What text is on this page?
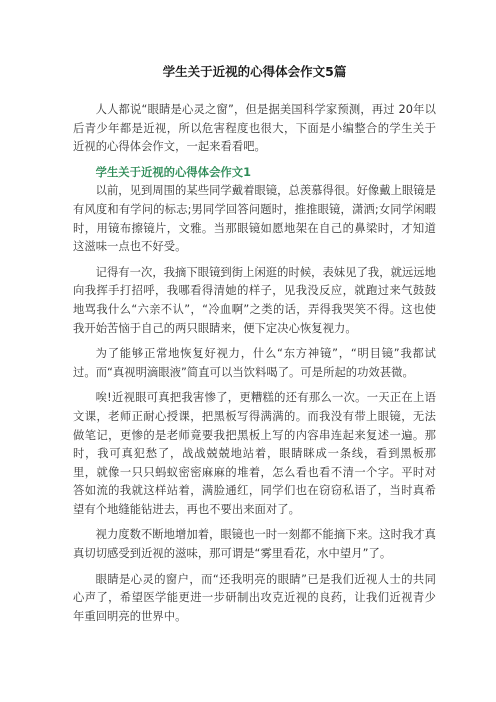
学生关于近视的心得体会作文5篇

人人都说“眼睛是心灵之窗”，但是据美国科学家预测，再过 20年以后青少年都是近视，所以危害程度也很大，下面是小编整合的学生关于近视的心得体会作文，一起来看看吧。

学生关于近视的心得体会作文1

以前，见到周围的某些同学戴着眼镜，总羡慕得很。好像戴上眼镜是有风度和有学问的标志;男同学回答问题时，推推眼镜，潇洒;女同学闲暇时，用镜布擦镜片，文雅。当那眼镜如愿地架在自己的鼻梁时，才知道这滋味一点也不好受。

记得有一次，我摘下眼镜到街上闲逛的时候，表妹见了我，就远远地向我挥手打招呼，我哪看得清她的样子，见我没反应，就跑过来气鼓鼓地骂我什么“六亲不认”，“冷血啊”之类的话，弄得我哭笑不得。这也使我开始苦恼于自己的两只眼睛来，便下定决心恢复视力。

为了能够正常地恢复好视力，什么“东方神镜”，“明目镜”我都试过。而“真视明滴眼液”简直可以当饮料喝了。可是所起的功效甚微。

唉!近视眼可真把我害惨了，更糟糕的还有那么一次。一天正在上语文课，老师正耐心授课，把黑板写得满满的。而我没有带上眼镜，无法做笔记，更惨的是老师竟要我把黑板上写的内容串连起来复述一遍。那时，我可真犯愁了，战战兢兢地站着，眼睛眯成一条线，看到黑板那里，就像一只只蚂蚁密密麻麻的堆着，怎么看也看不清一个字。平时对答如流的我就这样站着，满脸通红，同学们也在窃窃私语了，当时真希望有个地缝能钻进去，再也不要出来面对了。

视力度数不断地增加着，眼镜也一时一刻都不能摘下来。这时我才真真切切感受到近视的滋味，那可谓是“雾里看花，水中望月”了。

眼睛是心灵的窗户，而“还我明亮的眼睛”已是我们近视人士的共同心声了，希望医学能更进一步研制出攻克近视的良药，让我们近视青少年重回明亮的世界中。
